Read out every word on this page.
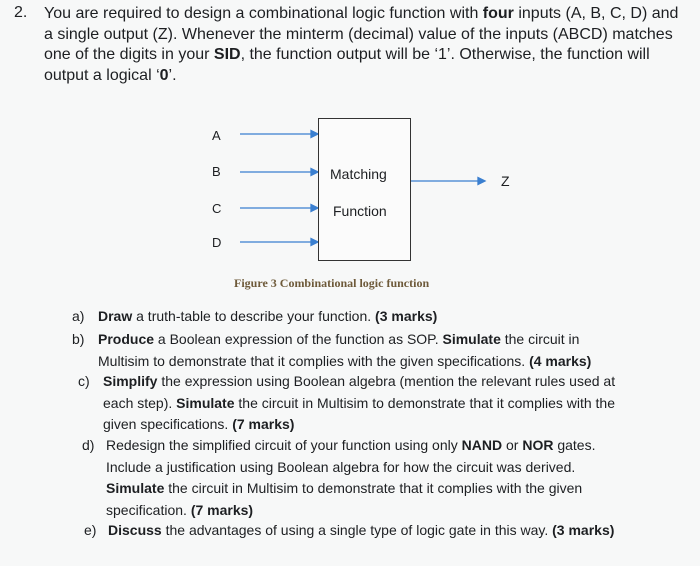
2. You are required to design a combinational logic function with four inputs (A, B, C, D) and
a single output (Z). Whenever the minterm (decimal) value of the inputs (ABCD) matches
one of the digits in your SID, the function output will be ‘1’. Otherwise, the function will
output a logical ‘0’.
A
B
C
D
Matching
Function
Z
Figure 3 Combinational logic function
a) Draw a truth-table to describe your function. (3 marks)
b) Produce a Boolean expression of the function as SOP. Simulate the circuit in
Multisim to demonstrate that it complies with the given specifications. (4 marks)
c) Simplify the expression using Boolean algebra (mention the relevant rules used at
each step). Simulate the circuit in Multisim to demonstrate that it complies with the
given specifications. (7 marks)
d) Redesign the simplified circuit of your function using only NAND or NOR gates.
Include a justification using Boolean algebra for how the circuit was derived.
Simulate the circuit in Multisim to demonstrate that it complies with the given
specification. (7 marks)
e) Discuss the advantages of using a single type of logic gate in this way. (3 marks)
